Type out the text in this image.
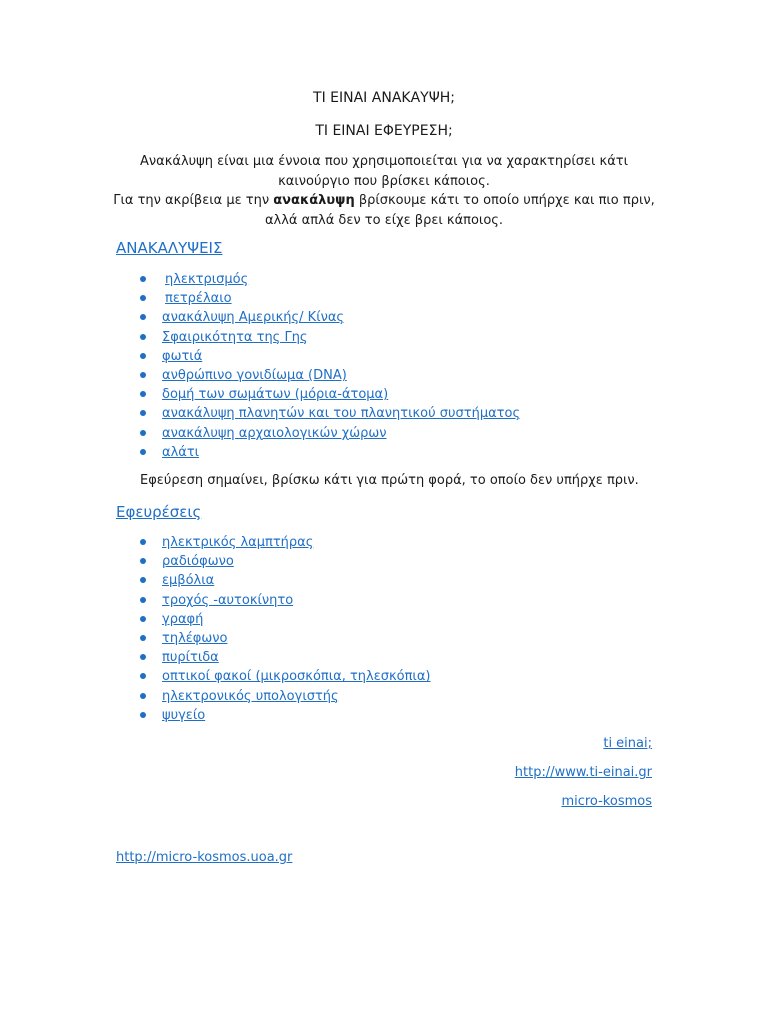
ΤΙ ΕΙΝΑΙ ΑΝΑΚΑΥΨΗ;
ΤΙ ΕΙΝΑΙ ΕΦΕΥΡΕΣΗ;

Ανακάλυψη είναι μια έννοια που χρησιμοποιείται για να χαρακτηρίσει κάτι καινούργιο που βρίσκει κάποιος.

Για την ακρίβεια με την ανακάλυψη βρίσκουμε κάτι το οποίο υπήρχε και πιο πριν, αλλά απλά δεν το είχε βρει κάποιος.

ΑΝΑΚΑΛΥΨΕΙΣ
ηλεκτρισμός
πετρέλαιο
ανακάλυψη Αμερικής/ Κίνας
Σφαιρικότητα της Γης
φωτιά
ανθρώπινο γονιδίωμα (DNA)
δομή των σωμάτων (μόρια-άτομα)
ανακάλυψη πλανητών και του πλανητικού συστήματος
ανακάλυψη αρχαιολογικών χώρων
αλάτι
Εφεύρεση σημαίνει, βρίσκω κάτι για πρώτη φορά, το οποίο δεν υπήρχε πριν.
Εφευρέσεις
ηλεκτρικός λαμπτήρας
ραδιόφωνο
εμβόλια
τροχός -αυτοκίνητο
γραφή
τηλέφωνο
πυρίτιδα
οπτικοί φακοί (μικροσκόπια, τηλεσκόπια)
ηλεκτρονικός υπολογιστής
ψυγείο
ti einai;
http://www.ti-einai.gr
micro-kosmos
http://micro-kosmos.uoa.gr
